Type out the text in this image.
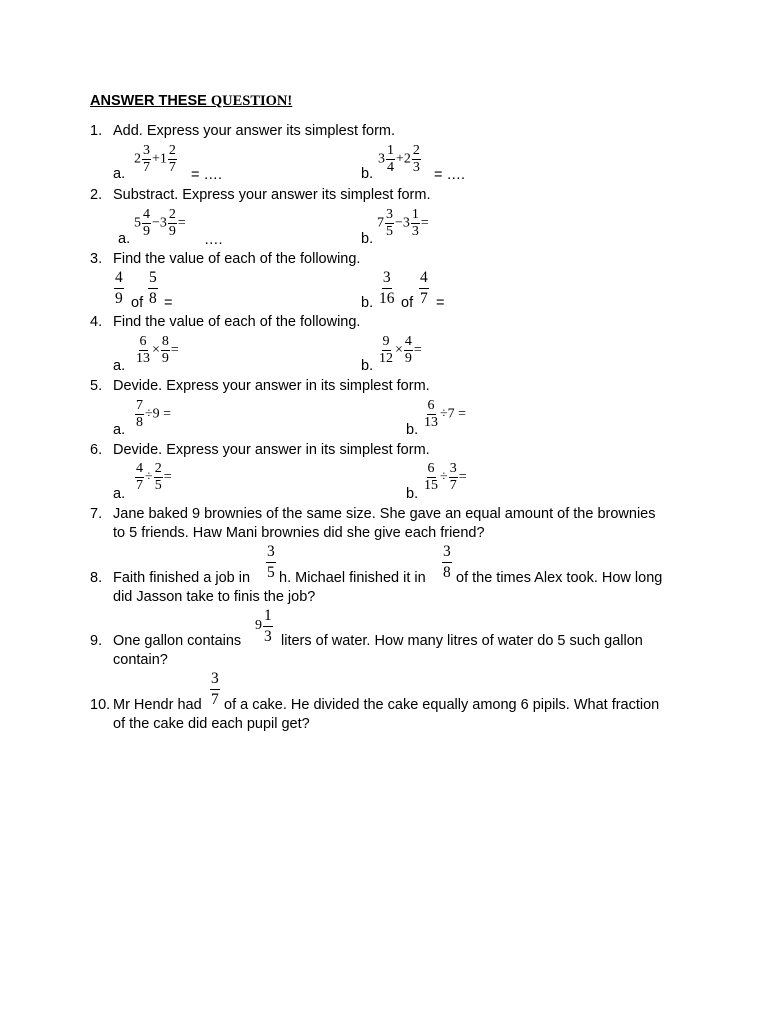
ANSWER THESE QUESTION!
1. Add. Express your answer its simplest form.
a.
$2 \frac{3}{7} +1 \frac{2}{7}$ = ….	b.
$3 \frac{1}{4} +2 \frac{2}{3}$ = ….
2. Substract. Express your answer its simplest form.
a.
$5 \frac{4}{9} -3 \frac{2}{9}$ =
….	b.
$7 \frac{3}{5} -3 \frac{1}{3}$ =
3. Find the value of each of the following.
$\frac{4}{9}$ of $\frac{5}{8}$ =	b. $\frac{3}{16}$ of $\frac{4}{7}$ =
4. Find the value of each of the following.
a. $\frac{6}{13} \times \frac{8}{9}$ =
b. $\frac{9}{12} \times \frac{4}{9}$ =
5. Devide. Express your answer in its simplest form.
a. $\frac{7}{8} \div 9$ =
b. $\frac{6}{13} \div 7$ =
6. Devide. Express your answer in its simplest form.
a.
$\frac{4}{7} \div \frac{2}{5}$ =
b.
$\frac{6}{15} \div \frac{3}{7}$ =
7. Jane baked 9 brownies of the same size. She gave an equal amount of the brownies
to 5 friends. Haw Mani brownies did she give each friend?
8. Faith finished a job in h. Michael finished it in of the times Alex took. How long
$\frac{3}{5}$	$\frac{3}{8}$
did Jasson take to finis the job?
9. One gallon contains	liters of water. How many litres of water do 5 such gallon
$9 \frac{1}{3}$
contain?
10. Mr Hendr had of a cake. He divided the cake equally among 6 pipils. What fraction
$\frac{3}{7}$
of the cake did each pupil get?
